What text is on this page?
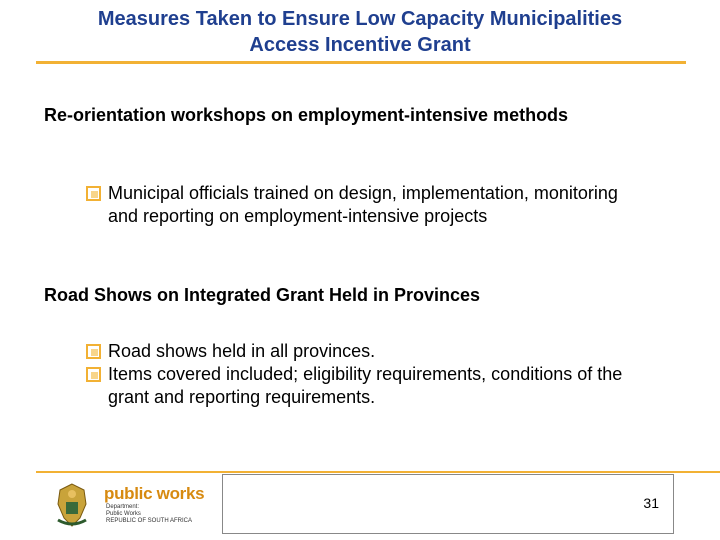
Measures Taken to Ensure Low Capacity Municipalities
Access Incentive Grant
Re-orientation workshops on employment-intensive methods
Municipal officials trained on design, implementation, monitoring and reporting on employment-intensive projects
Road Shows on Integrated Grant Held in Provinces
Road shows held in all provinces.
Items covered included; eligibility requirements, conditions of the grant and reporting requirements.
public works
Department:
Public Works
REPUBLIC OF SOUTH AFRICA
31
